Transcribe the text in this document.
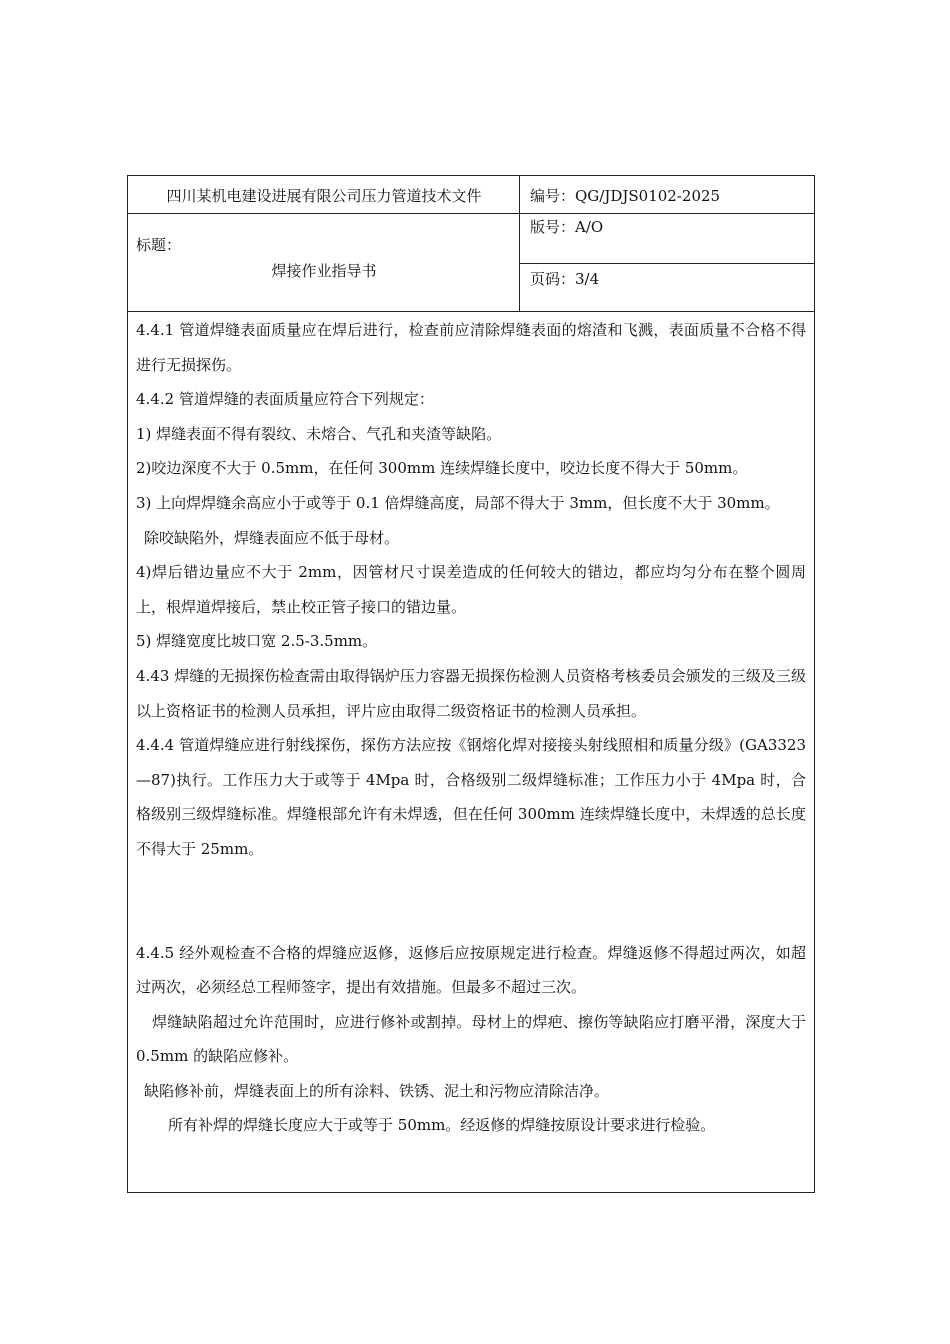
四川某机电建设进展有限公司压力管道技术文件	编号：QG/JDJS0102-2025
标题：
焊接作业指导书
版号：A/O
页码：3/4

4.4.1 管道焊缝表面质量应在焊后进行，检查前应清除焊缝表面的熔渣和飞溅，表面质量不合格不得进行无损探伤。

4.4.2 管道焊缝的表面质量应符合下列规定：

1) 焊缝表面不得有裂纹、未熔合、气孔和夹渣等缺陷。

2)咬边深度不大于 0.5mm，在任何 300mm 连续焊缝长度中，咬边长度不得大于 50mm。

3) 上向焊焊缝余高应小于或等于 0.1 倍焊缝高度，局部不得大于 3mm，但长度不大于 30mm。

除咬缺陷外，焊缝表面应不低于母材。

4)焊后错边量应不大于 2mm，因管材尺寸误差造成的任何较大的错边，都应均匀分布在整个圆周上，根焊道焊接后，禁止校正管子接口的错边量。

5) 焊缝宽度比坡口宽 2.5-3.5mm。

4.43 焊缝的无损探伤检查需由取得锅炉压力容器无损探伤检测人员资格考核委员会颁发的三级及三级以上资格证书的检测人员承担，评片应由取得二级资格证书的检测人员承担。

4.4.4 管道焊缝应进行射线探伤，探伤方法应按《钢熔化焊对接接头射线照相和质量分级》(GA3323—87)执行。工作压力大于或等于 4Mpa 时，合格级别二级焊缝标准；工作压力小于 4Mpa 时，合格级别三级焊缝标准。焊缝根部允许有未焊透，但在任何 300mm 连续焊缝长度中，未焊透的总长度不得大于 25mm。

4.4.5 经外观检查不合格的焊缝应返修，返修后应按原规定进行检查。焊缝返修不得超过两次，如超过两次，必须经总工程师签字，提出有效措施。但最多不超过三次。

焊缝缺陷超过允许范围时，应进行修补或割掉。母材上的焊疤、擦伤等缺陷应打磨平滑，深度大于 0.5mm 的缺陷应修补。

缺陷修补前，焊缝表面上的所有涂料、铁锈、泥土和污物应清除洁净。

所有补焊的焊缝长度应大于或等于 50mm。经返修的焊缝按原设计要求进行检验。
